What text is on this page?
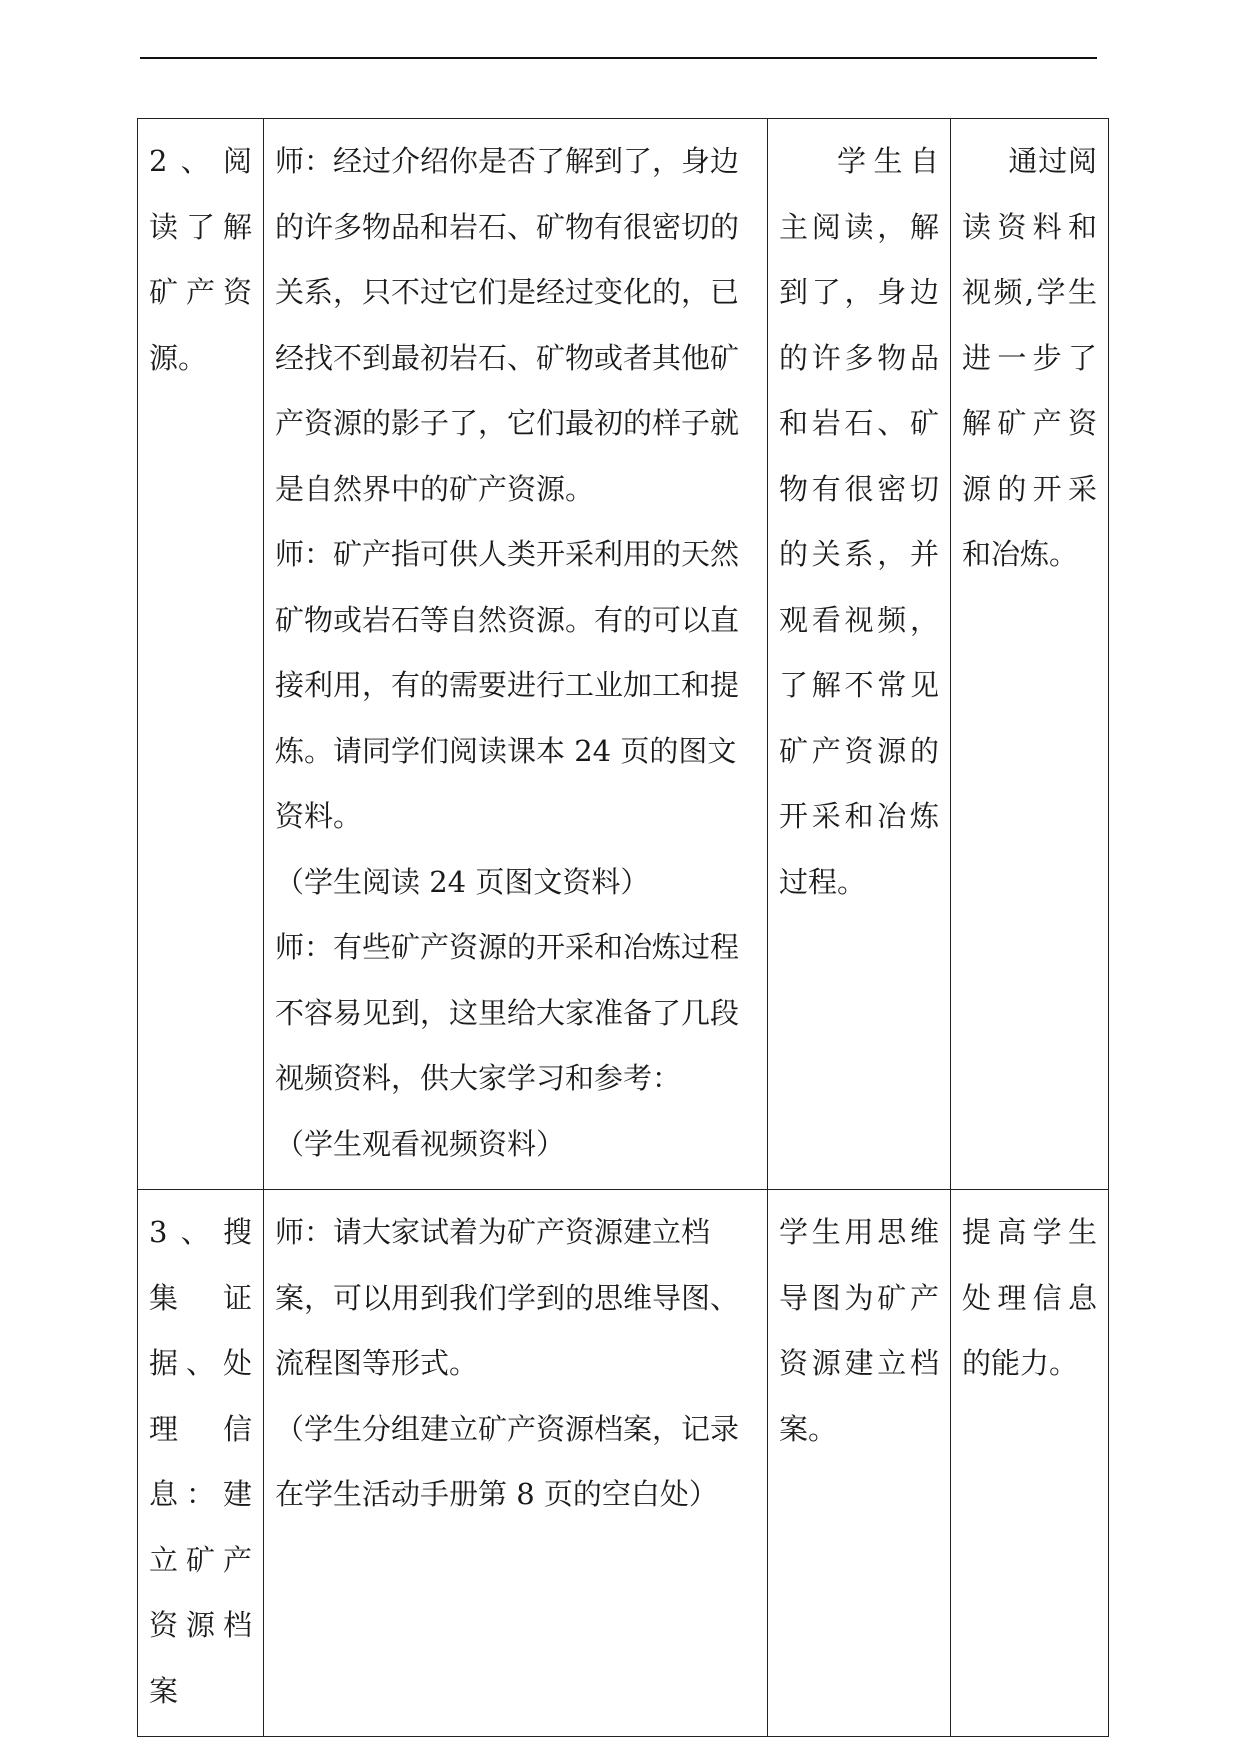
2、阅读了解矿产资源。	师：经过介绍你是否了解到了，身边的许多物品和岩石、矿物有很密切的关系，只不过它们是经过变化的，已经找不到最初岩石、矿物或者其他矿产资源的影子了，它们最初的样子就是自然界中的矿产资源。

师：矿产指可供人类开采利用的天然矿物或岩石等自然资源。有的可以直接利用，有的需要进行工业加工和提炼。请同学们阅读课本 24 页的图文资料。

（学生阅读 24 页图文资料）

师：有些矿产资源的开采和冶炼过程不容易见到，这里给大家准备了几段视频资料，供大家学习和参考：

（学生观看视频资料）	学生自主阅读，解到了，身边的许多物品和岩石、矿物有很密切的关系，并观看视频，了解不常见矿产资源的开采和冶炼过程。	通过阅读资料和视频,学生进一步了解矿产资源的开采和冶炼。

3、搜集证据、处理信息：建立矿产资源档案	师：请大家试着为矿产资源建立档案，可以用到我们学到的思维导图、流程图等形式。

（学生分组建立矿产资源档案，记录在学生活动手册第 8 页的空白处）	学生用思维导图为矿产资源建立档案。	提高学生处理信息的能力。
